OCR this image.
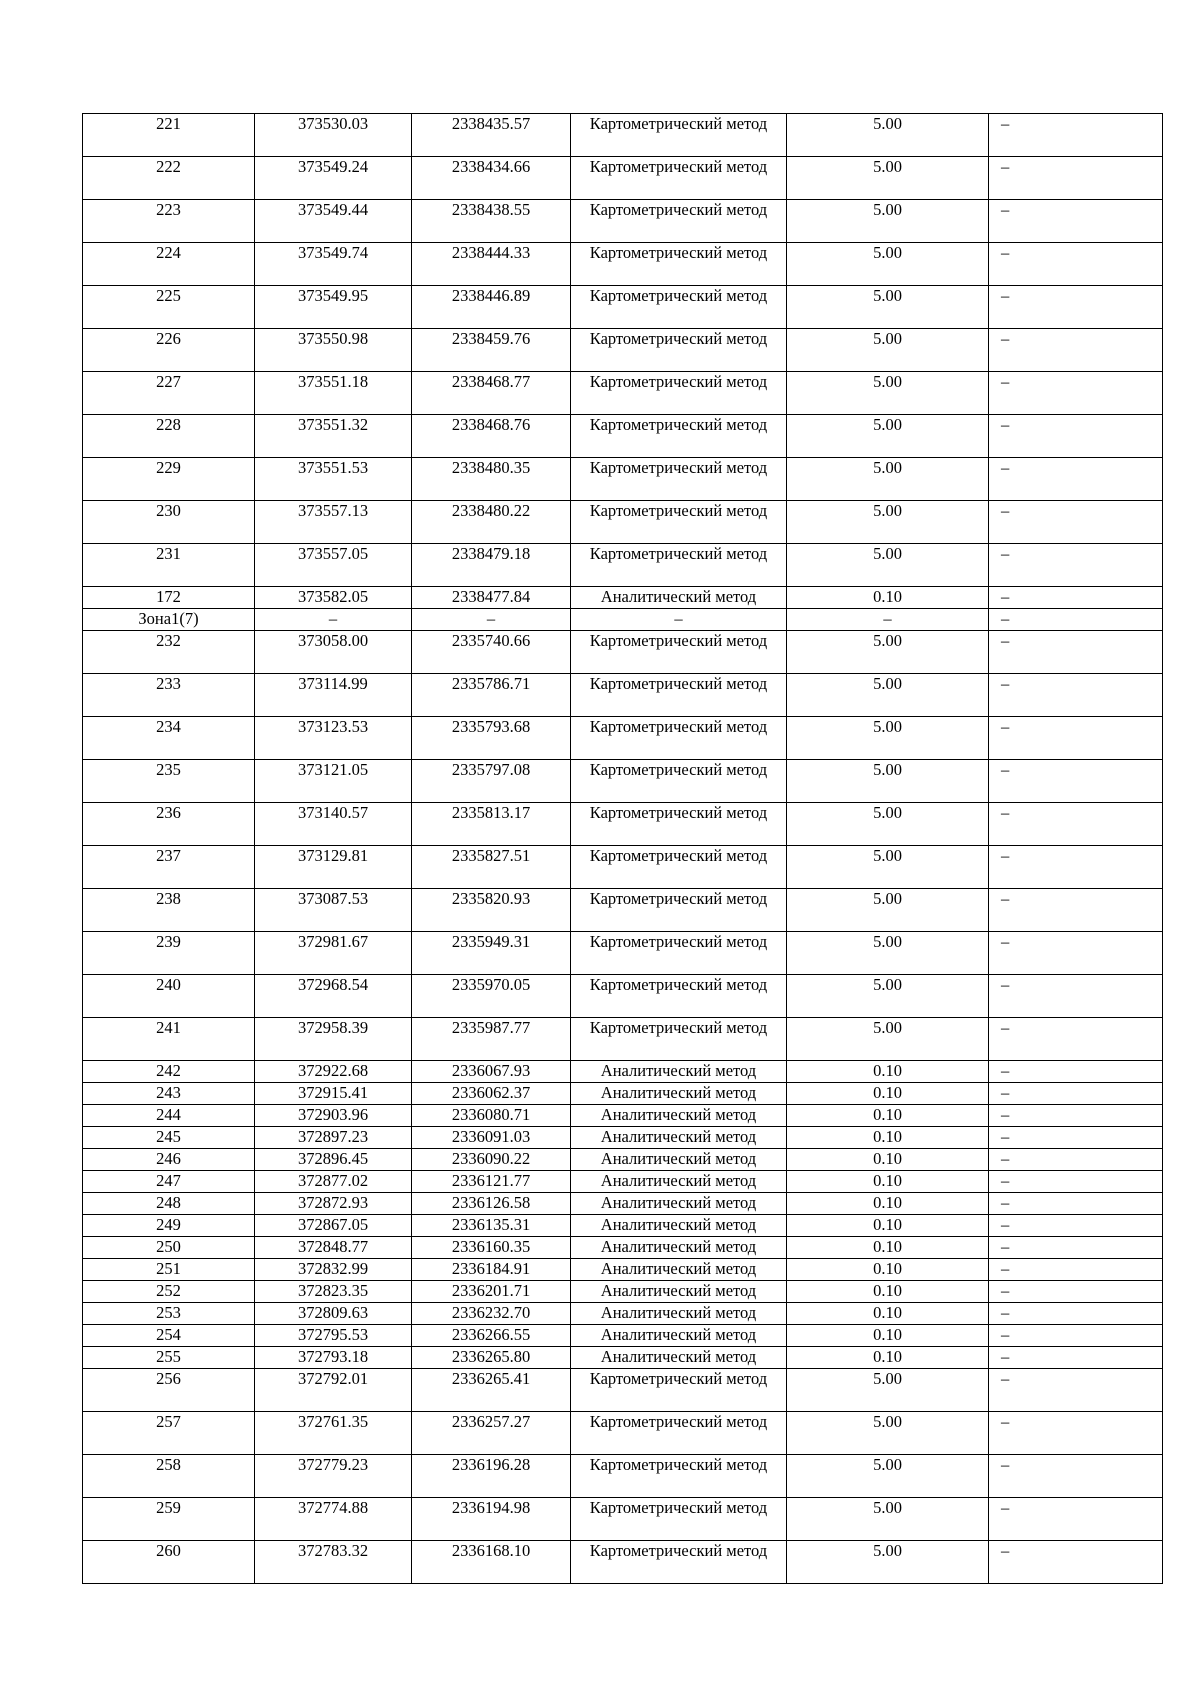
221	373530.03	2338435.57	Картометрический метод	5.00	–
222	373549.24	2338434.66	Картометрический метод	5.00	–
223	373549.44	2338438.55	Картометрический метод	5.00	–
224	373549.74	2338444.33	Картометрический метод	5.00	–
225	373549.95	2338446.89	Картометрический метод	5.00	–
226	373550.98	2338459.76	Картометрический метод	5.00	–
227	373551.18	2338468.77	Картометрический метод	5.00	–
228	373551.32	2338468.76	Картометрический метод	5.00	–
229	373551.53	2338480.35	Картометрический метод	5.00	–
230	373557.13	2338480.22	Картометрический метод	5.00	–
231	373557.05	2338479.18	Картометрический метод	5.00	–
172	373582.05	2338477.84	Аналитический метод	0.10	–
Зона1(7)	–	–	–	–	–
232	373058.00	2335740.66	Картометрический метод	5.00	–
233	373114.99	2335786.71	Картометрический метод	5.00	–
234	373123.53	2335793.68	Картометрический метод	5.00	–
235	373121.05	2335797.08	Картометрический метод	5.00	–
236	373140.57	2335813.17	Картометрический метод	5.00	–
237	373129.81	2335827.51	Картометрический метод	5.00	–
238	373087.53	2335820.93	Картометрический метод	5.00	–
239	372981.67	2335949.31	Картометрический метод	5.00	–
240	372968.54	2335970.05	Картометрический метод	5.00	–
241	372958.39	2335987.77	Картометрический метод	5.00	–
242	372922.68	2336067.93	Аналитический метод	0.10	–
243	372915.41	2336062.37	Аналитический метод	0.10	–
244	372903.96	2336080.71	Аналитический метод	0.10	–
245	372897.23	2336091.03	Аналитический метод	0.10	–
246	372896.45	2336090.22	Аналитический метод	0.10	–
247	372877.02	2336121.77	Аналитический метод	0.10	–
248	372872.93	2336126.58	Аналитический метод	0.10	–
249	372867.05	2336135.31	Аналитический метод	0.10	–
250	372848.77	2336160.35	Аналитический метод	0.10	–
251	372832.99	2336184.91	Аналитический метод	0.10	–
252	372823.35	2336201.71	Аналитический метод	0.10	–
253	372809.63	2336232.70	Аналитический метод	0.10	–
254	372795.53	2336266.55	Аналитический метод	0.10	–
255	372793.18	2336265.80	Аналитический метод	0.10	–
256	372792.01	2336265.41	Картометрический метод	5.00	–
257	372761.35	2336257.27	Картометрический метод	5.00	–
258	372779.23	2336196.28	Картометрический метод	5.00	–
259	372774.88	2336194.98	Картометрический метод	5.00	–
260	372783.32	2336168.10	Картометрический метод	5.00	–
